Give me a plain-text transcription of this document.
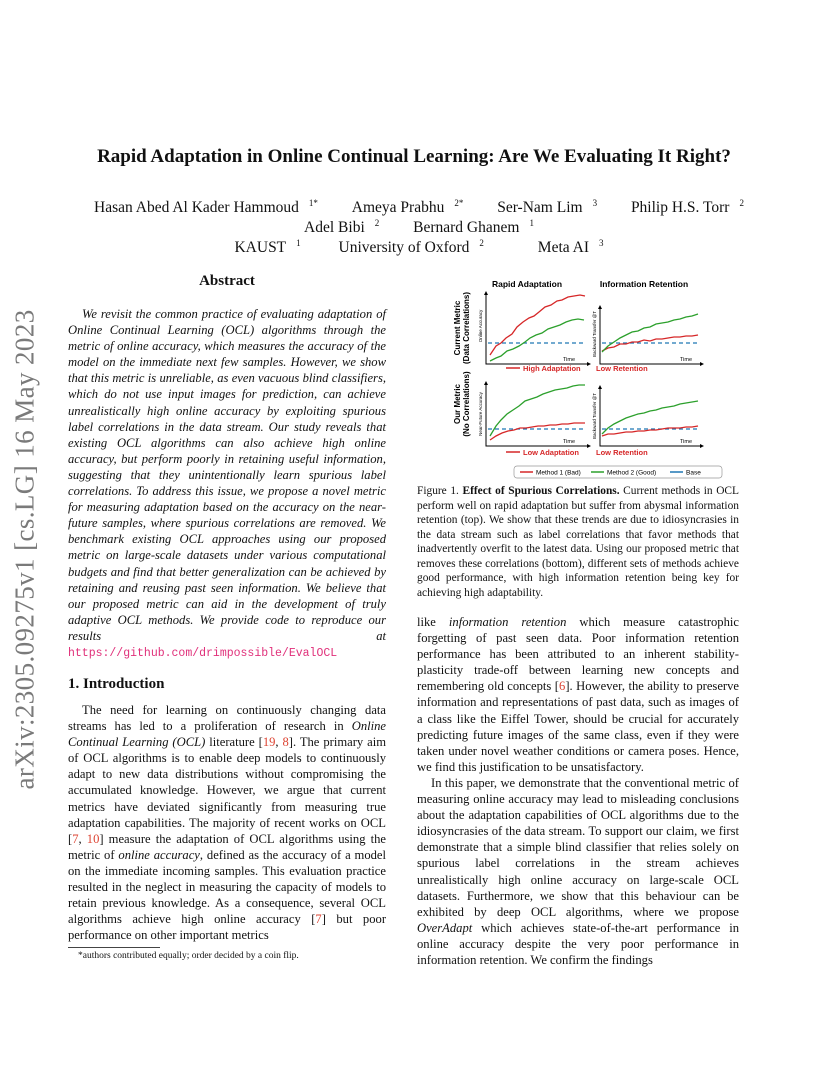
Rapid Adaptation in Online Continual Learning: Are We Evaluating It Right?
Hasan Abed Al Kader Hammoud $^{1*}$ Ameya Prabhu $^{2*}$ Ser-Nam Lim $^3$ Philip H.S. Torr $^2$
Adel Bibi $^2$ Bernard Ghanem $^1$
KAUST $^1$ University of Oxford $^2$	Meta AI $^3$
arXiv:2305.09275v1 [cs.LG] 16 May 2023
Abstract

We revisit the common practice of evaluating adaptation of Online Continual Learning (OCL) algorithms through the metric of online accuracy, which measures the accuracy of the model on the immediate next few samples. However, we show that this metric is unreliable, as even vacuous blind classifiers, which do not use input images for prediction, can achieve unrealistically high online accuracy by exploiting spurious label correlations in the data stream. Our study reveals that existing OCL algorithms can also achieve high online accuracy, but perform poorly in retaining useful information, suggesting that they unintentionally learn spurious label correlations. To address this issue, we propose a novel metric for measuring adaptation based on the accuracy on the near-future samples, where spurious correlations are removed. We benchmark existing OCL approaches using our proposed metric on large-scale datasets under various computational budgets and find that better generalization can be achieved by retaining and reusing past seen information. We believe that our proposed metric can aid in the development of truly adaptive OCL methods. We provide code to reproduce our results at https://github.com/drimpossible/EvalOCL

1. Introduction

The need for learning on continuously changing data streams has led to a proliferation of research in Online Continual Learning (OCL) literature [19, 8]. The primary aim of OCL algorithms is to enable deep models to continuously adapt to new data distributions without compromising the accumulated knowledge. However, we argue that current metrics have deviated significantly from measuring true adaptation capabilities. The majority of recent works on OCL [7, 10] measure the adaptation of OCL algorithms using the metric of online accuracy, defined as the accuracy of a model on the immediate incoming samples. This evaluation practice resulted in the neglect in measuring the capacity of models to retain previous knowledge. As a consequence, several OCL algorithms achieve high online accuracy [7] but poor performance on other important metrics

*authors contributed equally; order decided by a coin flip.
Rapid Adaptation	Information Retention
Current Metric (Data Correlations)
Our Metric (No Correlations)
Online Accuracy
Time
Backward Transfer @T
Time
High Adaptation Low Retention
Near-Future Accuracy
Time
Backward Transfer @T
Time
Low Adaptation Low Retention
Method 1 (Bad)	Method 2 (Good)	Base
Figure 1. Effect of Spurious Correlations. Current methods in OCL perform well on rapid adaptation but suffer from abysmal information retention (top). We show that these trends are due to idiosyncrasies in the data stream such as label correlations that favor methods that inadvertently overfit to the latest data. Using our proposed metric that removes these correlations (bottom), different sets of methods achieve good performance, with high information retention being key for achieving high adaptability.

like information retention which measure catastrophic forgetting of past seen data. Poor information retention performance has been attributed to an inherent stability-plasticity trade-off between learning new concepts and remembering old concepts [6]. However, the ability to preserve information and representations of past data, such as images of a class like the Eiffel Tower, should be crucial for accurately predicting future images of the same class, even if they were taken under novel weather conditions or camera poses. Hence, we find this justification to be unsatisfactory.

In this paper, we demonstrate that the conventional metric of measuring online accuracy may lead to misleading conclusions about the adaptation capabilities of OCL algorithms due to the idiosyncrasies of the data stream. To support our claim, we first demonstrate that a simple blind classifier that relies solely on spurious label correlations in the stream achieves unrealistically high online accuracy on large-scale OCL datasets. Furthermore, we show that this behaviour can be exhibited by deep OCL algorithms, where we propose OverAdapt which achieves state-of-the-art performance in online accuracy despite the very poor performance in information retention. We confirm the findings
